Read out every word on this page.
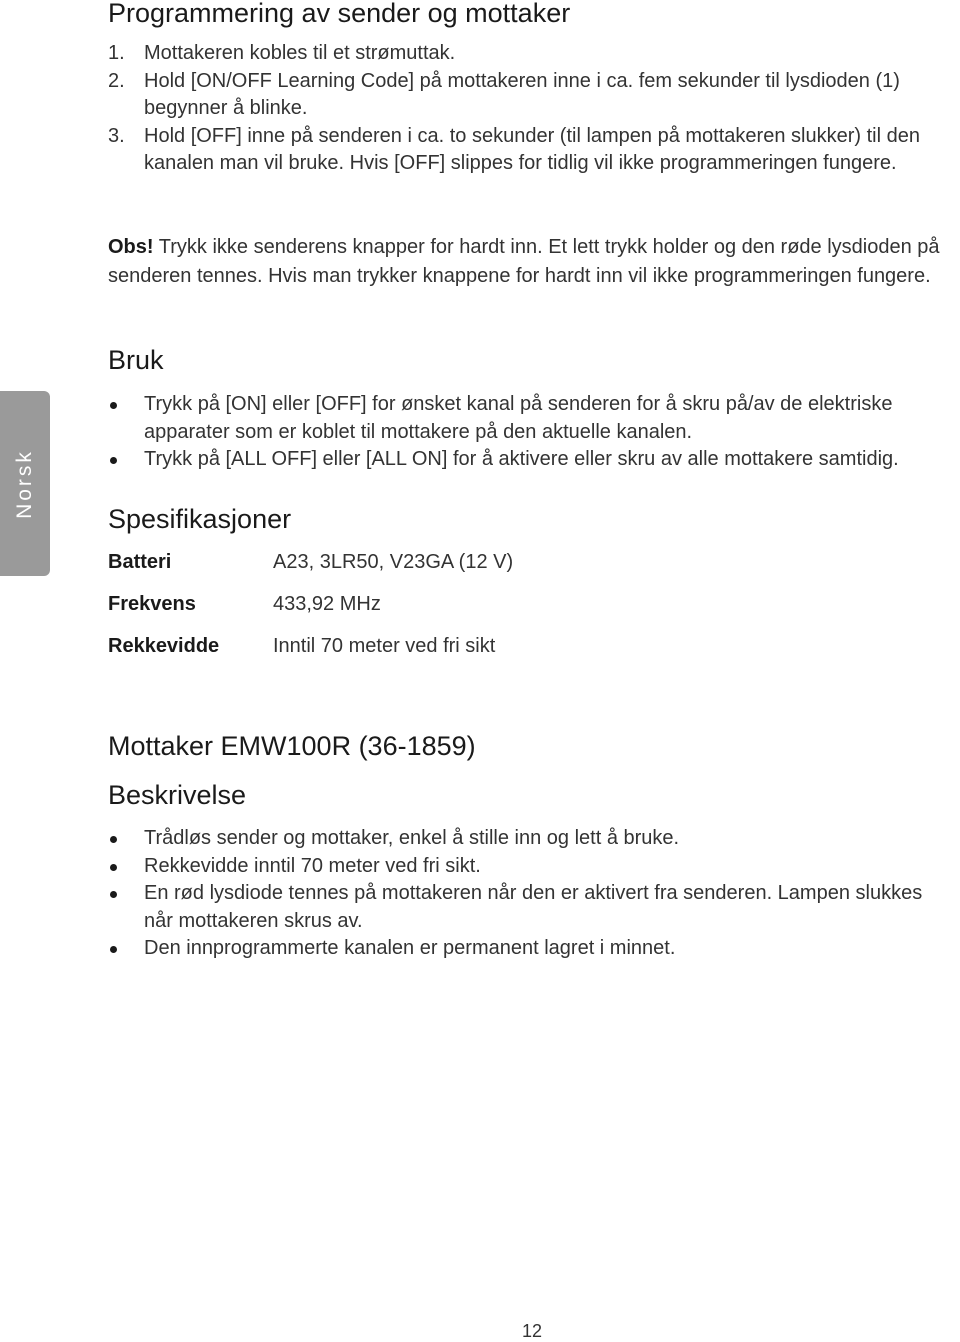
Norsk
Programmering av sender og mottaker
1. Mottakeren kobles til et strømuttak.
2. Hold [ON/OFF Learning Code] på mottakeren inne i ca. fem sekunder til lysdioden (1) begynner å blinke.
3. Hold [OFF] inne på senderen i ca. to sekunder (til lampen på mottakeren slukker) til den kanalen man vil bruke. Hvis [OFF] slippes for tidlig vil ikke programmeringen fungere.
Obs! Trykk ikke senderens knapper for hardt inn. Et lett trykk holder og den røde lysdioden på senderen tennes. Hvis man trykker knappene for hardt inn vil ikke programmeringen fungere.
Bruk
Trykk på [ON] eller [OFF] for ønsket kanal på senderen for å skru på/av de elektriske apparater som er koblet til mottakere på den aktuelle kanalen.
Trykk på [ALL OFF] eller [ALL ON] for å aktivere eller skru av alle mottakere samtidig.
Spesifikasjoner
Batteri	A23, 3LR50, V23GA (12 V)
Frekvens	433,92 MHz
Rekkevidde	Inntil 70 meter ved fri sikt
Mottaker EMW100R (36-1859)
Beskrivelse
Trådløs sender og mottaker, enkel å stille inn og lett å bruke.
Rekkevidde inntil 70 meter ved fri sikt.
En rød lysdiode tennes på mottakeren når den er aktivert fra senderen. Lampen slukkes når mottakeren skrus av.
Den innprogrammerte kanalen er permanent lagret i minnet.
12
